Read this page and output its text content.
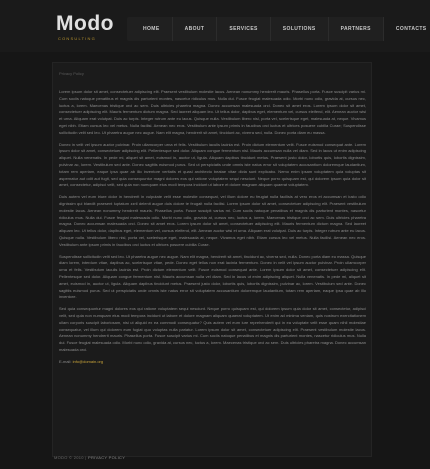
Modo
CONSULTING
HOME	ABOUT	SERVICES	SOLUTIONS	PARTNERS	CONTACTS
Privacy Policy

Lorem ipsum dolor sit amet, consectetuer adipiscing elit. Praesent vestibulum molestie lacus. Aenean nonummy hendrerit mauris. Phasellus porta. Fusce suscipit varius mi. Cum sociis natoque penatibus et magnis dis parturient montes, nascetur ridiculus mus. Nulla dui. Fusce feugiat malesuada odio. Morbi nunc odio, gravida at, cursus nec, luctus a, lorem. Maecenas tristique orci ac sem. Duis ultricies pharetra magna. Donec accumsan malesuada orci. Donec sit amet eros. Lorem ipsum dolor sit amet, consectetuer adipiscing elit. Mauris fermentum dictum magna. Sed laoreet aliquam leo. Ut tellus dolor, dapibus eget, elementum vel, cursus eleifend, elit. Aenean auctor wisi et urna. Aliquam erat volutpat. Duis ac turpis. Integer rutrum ante eu lacus. Quisque nulla. Vestibulum libero nisl, porta vel, scelerisque eget, malesuada at, neque. Vivamus eget nibh. Etiam cursus leo vel metus. Nulla facilisi. Aenean nec eros. Vestibulum ante ipsum primis in faucibus orci luctus et ultrices posuere cubilia Curae; Suspendisse sollicitudin velit sed leo. Ut pharetra augue nec augue. Nam elit magna, hendrerit sit amet, tincidunt ac, viverra sed, nulla. Donec porta diam eu massa.

Donec in velit vel ipsum auctor pulvinar. Proin ullamcorper urna et felis. Vestibulum iaculis lacinia est. Proin dictum elementum velit. Fusce euismod consequat ante. Lorem ipsum dolor sit amet, consectetuer adipiscing elit. Pellentesque sed dolor. Aliquam congue fermentum nisl. Mauris accumsan nulla vel diam. Sed in lacus ut enim adipiscing aliquet. Nulla venenatis. In pede mi, aliquet sit amet, euismod in, auctor ut, ligula. Aliquam dapibus tincidunt metus. Praesent justo dolor, lobortis quis, lobortis dignissim, pulvinar ac, lorem. Vestibulum sed ante. Donec sagittis euismod purus. Sed ut perspiciatis unde omnis iste natus error sit voluptatem accusantium doloremque laudantium, totam rem aperiam, eaque ipsa quae ab illo inventore veritatis et quasi architecto beatae vitae dicta sunt explicabo. Nemo enim ipsam voluptatem quia voluptas sit aspernatur aut odit aut fugit, sed quia consequuntur magni dolores eos qui ratione voluptatem sequi nesciunt. Neque porro quisquam est, qui dolorem ipsum quia dolor sit amet, consectetur, adipisci velit, sed quia non numquam eius modi tempora incidunt ut labore et dolore magnam aliquam quaerat voluptatem.

Duis autem vel eum iriure dolor in hendrerit in vulputate velit esse molestie consequat, vel illum dolore eu feugiat nulla facilisis at vero eros et accumsan et iusto odio dignissim qui blandit praesent luptatum zzril delenit augue duis dolore te feugait nulla facilisi. Lorem ipsum dolor sit amet, consectetuer adipiscing elit. Praesent vestibulum molestie lacus. Aenean nonummy hendrerit mauris. Phasellus porta. Fusce suscipit varius mi. Cum sociis natoque penatibus et magnis dis parturient montes, nascetur ridiculus mus. Nulla dui. Fusce feugiat malesuada odio. Morbi nunc odio, gravida at, cursus nec, luctus a, lorem. Maecenas tristique orci ac sem. Duis ultricies pharetra magna. Donec accumsan malesuada orci. Donec sit amet eros. Lorem ipsum dolor sit amet, consectetuer adipiscing elit. Mauris fermentum dictum magna. Sed laoreet aliquam leo. Ut tellus dolor, dapibus eget, elementum vel, cursus eleifend, elit. Aenean auctor wisi et urna. Aliquam erat volutpat. Duis ac turpis. Integer rutrum ante eu lacus. Quisque nulla. Vestibulum libero nisl, porta vel, scelerisque eget, malesuada at, neque. Vivamus eget nibh. Etiam cursus leo vel metus. Nulla facilisi. Aenean nec eros. Vestibulum ante ipsum primis in faucibus orci luctus et ultrices posuere cubilia Curae.

Suspendisse sollicitudin velit sed leo. Ut pharetra augue nec augue. Nam elit magna, hendrerit sit amet, tincidunt ac, viverra sed, nulla. Donec porta diam eu massa. Quisque diam lorem, interdum vitae, dapibus ac, scelerisque vitae, pede. Donec eget tellus non erat lacinia fermentum. Donec in velit vel ipsum auctor pulvinar. Proin ullamcorper urna et felis. Vestibulum iaculis lacinia est. Proin dictum elementum velit. Fusce euismod consequat ante. Lorem ipsum dolor sit amet, consectetuer adipiscing elit. Pellentesque sed dolor. Aliquam congue fermentum nisl. Mauris accumsan nulla vel diam. Sed in lacus ut enim adipiscing aliquet. Nulla venenatis. In pede mi, aliquet sit amet, euismod in, auctor ut, ligula. Aliquam dapibus tincidunt metus. Praesent justo dolor, lobortis quis, lobortis dignissim, pulvinar ac, lorem. Vestibulum sed ante. Donec sagittis euismod purus. Sed ut perspiciatis unde omnis iste natus error sit voluptatem accusantium doloremque laudantium, totam rem aperiam, eaque ipsa quae ab illo inventore.

Sed quia consequuntur magni dolores eos qui ratione voluptatem sequi nesciunt. Neque porro quisquam est, qui dolorem ipsum quia dolor sit amet, consectetur, adipisci velit, sed quia non numquam eius modi tempora incidunt ut labore et dolore magnam aliquam quaerat voluptatem. Ut enim ad minima veniam, quis nostrum exercitationem ullam corporis suscipit laboriosam, nisi ut aliquid ex ea commodi consequatur? Quis autem vel eum iure reprehenderit qui in ea voluptate velit esse quam nihil molestiae consequatur, vel illum qui dolorem eum fugiat quo voluptas nulla pariatur. Lorem ipsum dolor sit amet, consectetuer adipiscing elit. Praesent vestibulum molestie lacus. Aenean nonummy hendrerit mauris. Phasellus porta. Fusce suscipit varius mi. Cum sociis natoque penatibus et magnis dis parturient montes, nascetur ridiculus mus. Nulla dui. Fusce feugiat malesuada odio. Morbi nunc odio, gravida at, cursus nec, luctus a, lorem. Maecenas tristique orci ac sem. Duis ultricies pharetra magna. Donec accumsan malesuada orci.

E-mail: info@domain.org
MODO © 2010 | PRIVACY POLICY
